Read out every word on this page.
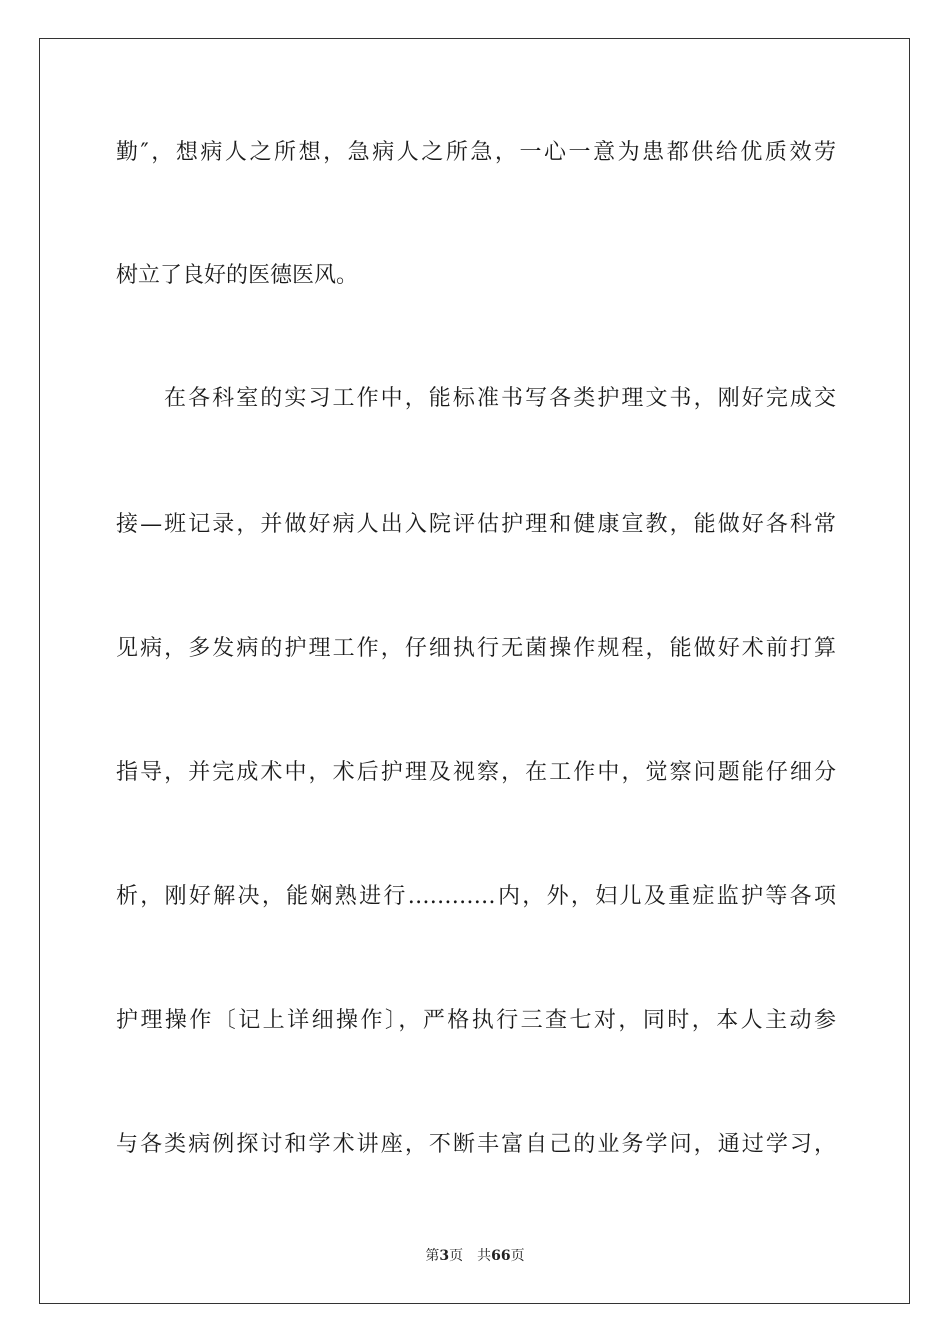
勤″，想病人之所想，急病人之所急，一心一意为患都供给优质效劳
树立了良好的医德医风。
在各科室的实习工作中，能标准书写各类护理文书，刚好完成交
接—班记录，并做好病人出入院评估护理和健康宣教，能做好各科常
见病，多发病的护理工作，仔细执行无菌操作规程，能做好术前打算
指导，并完成术中，术后护理及视察，在工作中，觉察问题能仔细分
析，刚好解决，能娴熟进行…………内，外，妇儿及重症监护等各项
护理操作〔记上详细操作〕，严格执行三查七对，同时，本人主动参
与各类病例探讨和学术讲座，不断丰富自己的业务学问，通过学习，
第3页 共66页
